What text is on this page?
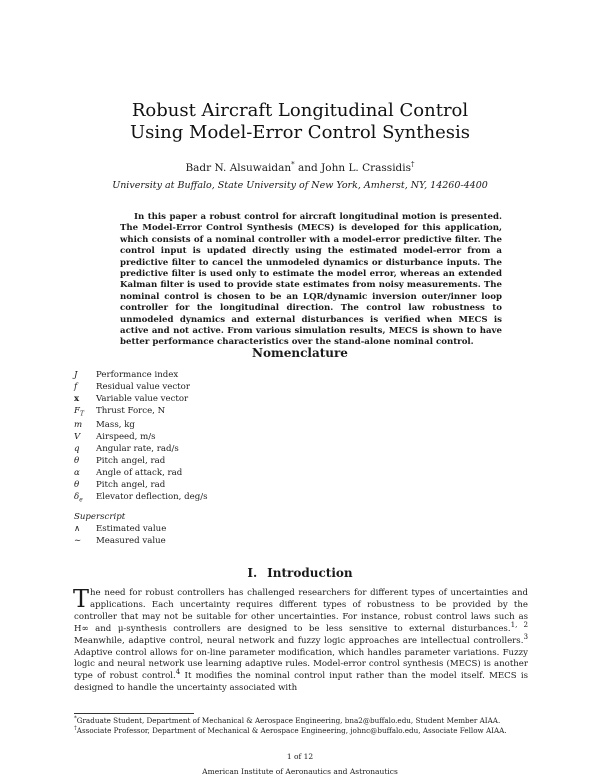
Robust Aircraft Longitudinal Control
Using Model-Error Control Synthesis
Badr N. Alsuwaidan* and John L. Crassidis†
University at Buffalo, State University of New York, Amherst, NY, 14260-4400
In this paper a robust control for aircraft longitudinal motion is presented. The Model-Error Control Synthesis (MECS) is developed for this application, which consists of a nominal controller with a model-error predictive filter. The control input is updated directly using the estimated model-error from a predictive filter to cancel the unmodeled dynamics or disturbance inputs. The predictive filter is used only to estimate the model error, whereas an extended Kalman filter is used to provide state estimates from noisy measurements. The nominal control is chosen to be an LQR/dynamic inversion outer/inner loop controller for the longitudinal direction. The control law robustness to unmodeled dynamics and external disturbances is verified when MECS is active and not active. From various simulation results, MECS is shown to have better performance characteristics over the stand-alone nominal control.
Nomenclature
J	Performance index
f	Residual value vector
x	Variable value vector
$F_T$	Thrust Force, N
m	Mass, kg
V	Airspeed, m/s
q	Angular rate, rad/s
θ	Pitch angel, rad
α	Angle of attack, rad
θ	Pitch angel, rad
$\delta_e$	Elevator deflection, deg/s
Superscript
∧	Estimated value
∼	Measured value
I. Introduction
The need for robust controllers has challenged researchers for different types of uncertainties and applications. Each uncertainty requires different types of robustness to be provided by the controller that may not be suitable for other uncertainties. For instance, robust control laws such as H∞ and μ-synthesis controllers are designed to be less sensitive to external disturbances.$^{1, 2}$ Meanwhile, adaptive control, neural network and fuzzy logic approaches are intellectual controllers.$^3$ Adaptive control allows for on-line parameter modification, which handles parameter variations. Fuzzy logic and neural network use learning adaptive rules. Model-error control synthesis (MECS) is another type of robust control.$^4$ It modifies the nominal control input rather than the model itself. MECS is designed to handle the uncertainty associated with
*Graduate Student, Department of Mechanical & Aerospace Engineering, bna2@buffalo.edu, Student Member AIAA.
†Associate Professor, Department of Mechanical & Aerospace Engineering, johnc@buffalo.edu, Associate Fellow AIAA.
1 of 12
American Institute of Aeronautics and Astronautics
